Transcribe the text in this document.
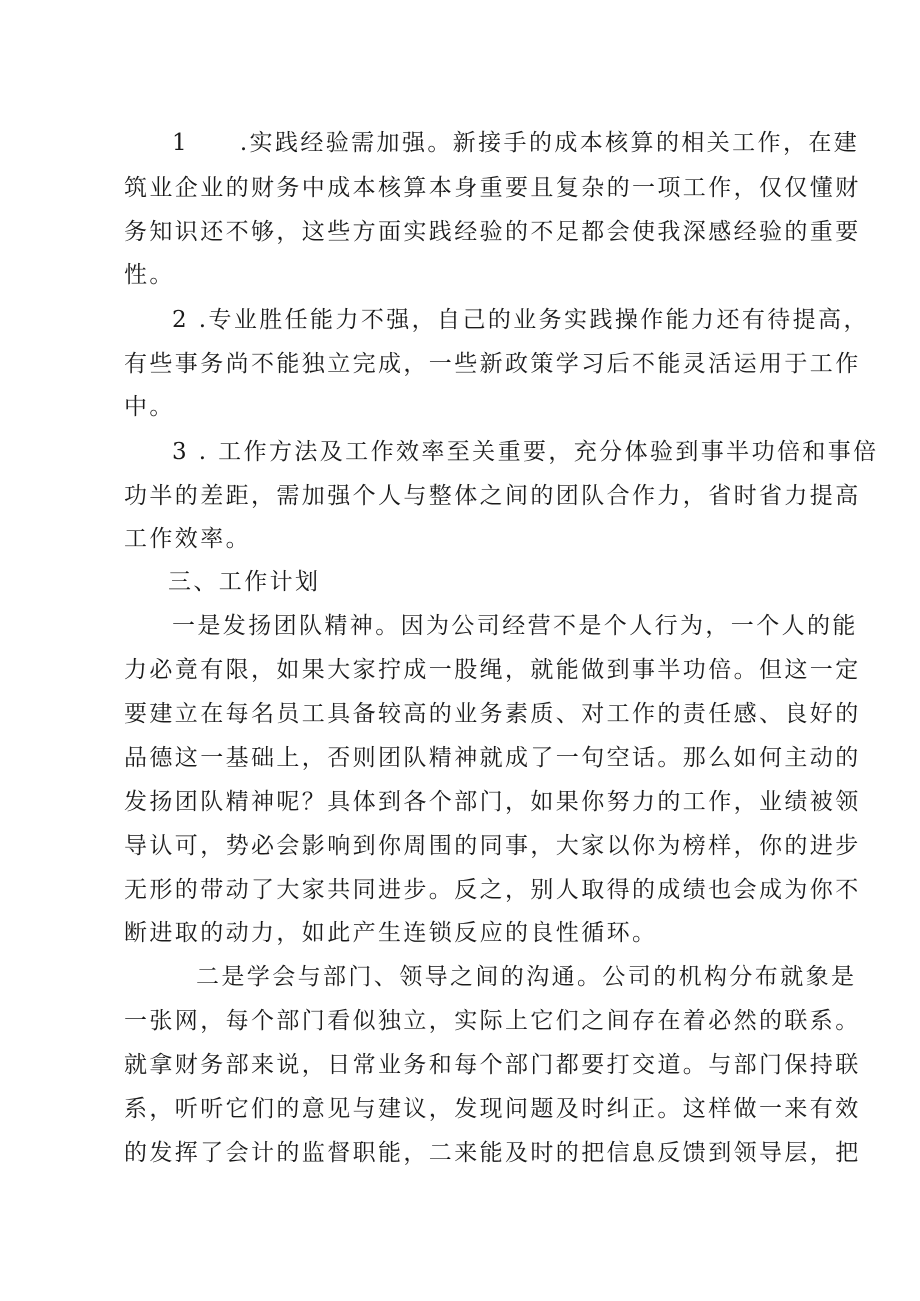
1　　.实践经验需加强。新接手的成本核算的相关工作，在建
筑业企业的财务中成本核算本身重要且复杂的一项工作，仅仅懂财
务知识还不够，这些方面实践经验的不足都会使我深感经验的重要
性。
2 .专业胜任能力不强，自己的业务实践操作能力还有待提高，
有些事务尚不能独立完成，一些新政策学习后不能灵活运用于工作
中。
3 . 工作方法及工作效率至关重要，充分体验到事半功倍和事倍
功半的差距，需加强个人与整体之间的团队合作力，省时省力提高
工作效率。
三、工作计划
一是发扬团队精神。因为公司经营不是个人行为，一个人的能
力必竟有限，如果大家拧成一股绳，就能做到事半功倍。但这一定
要建立在每名员工具备较高的业务素质、对工作的责任感、良好的
品德这一基础上，否则团队精神就成了一句空话。那么如何主动的
发扬团队精神呢？具体到各个部门，如果你努力的工作，业绩被领
导认可，势必会影响到你周围的同事，大家以你为榜样，你的进步
无形的带动了大家共同进步。反之，别人取得的成绩也会成为你不
断进取的动力，如此产生连锁反应的良性循环。
二是学会与部门、领导之间的沟通。公司的机构分布就象是
一张网，每个部门看似独立，实际上它们之间存在着必然的联系。
就拿财务部来说，日常业务和每个部门都要打交道。与部门保持联
系，听听它们的意见与建议，发现问题及时纠正。这样做一来有效
的发挥了会计的监督职能，二来能及时的把信息反馈到领导层，把
